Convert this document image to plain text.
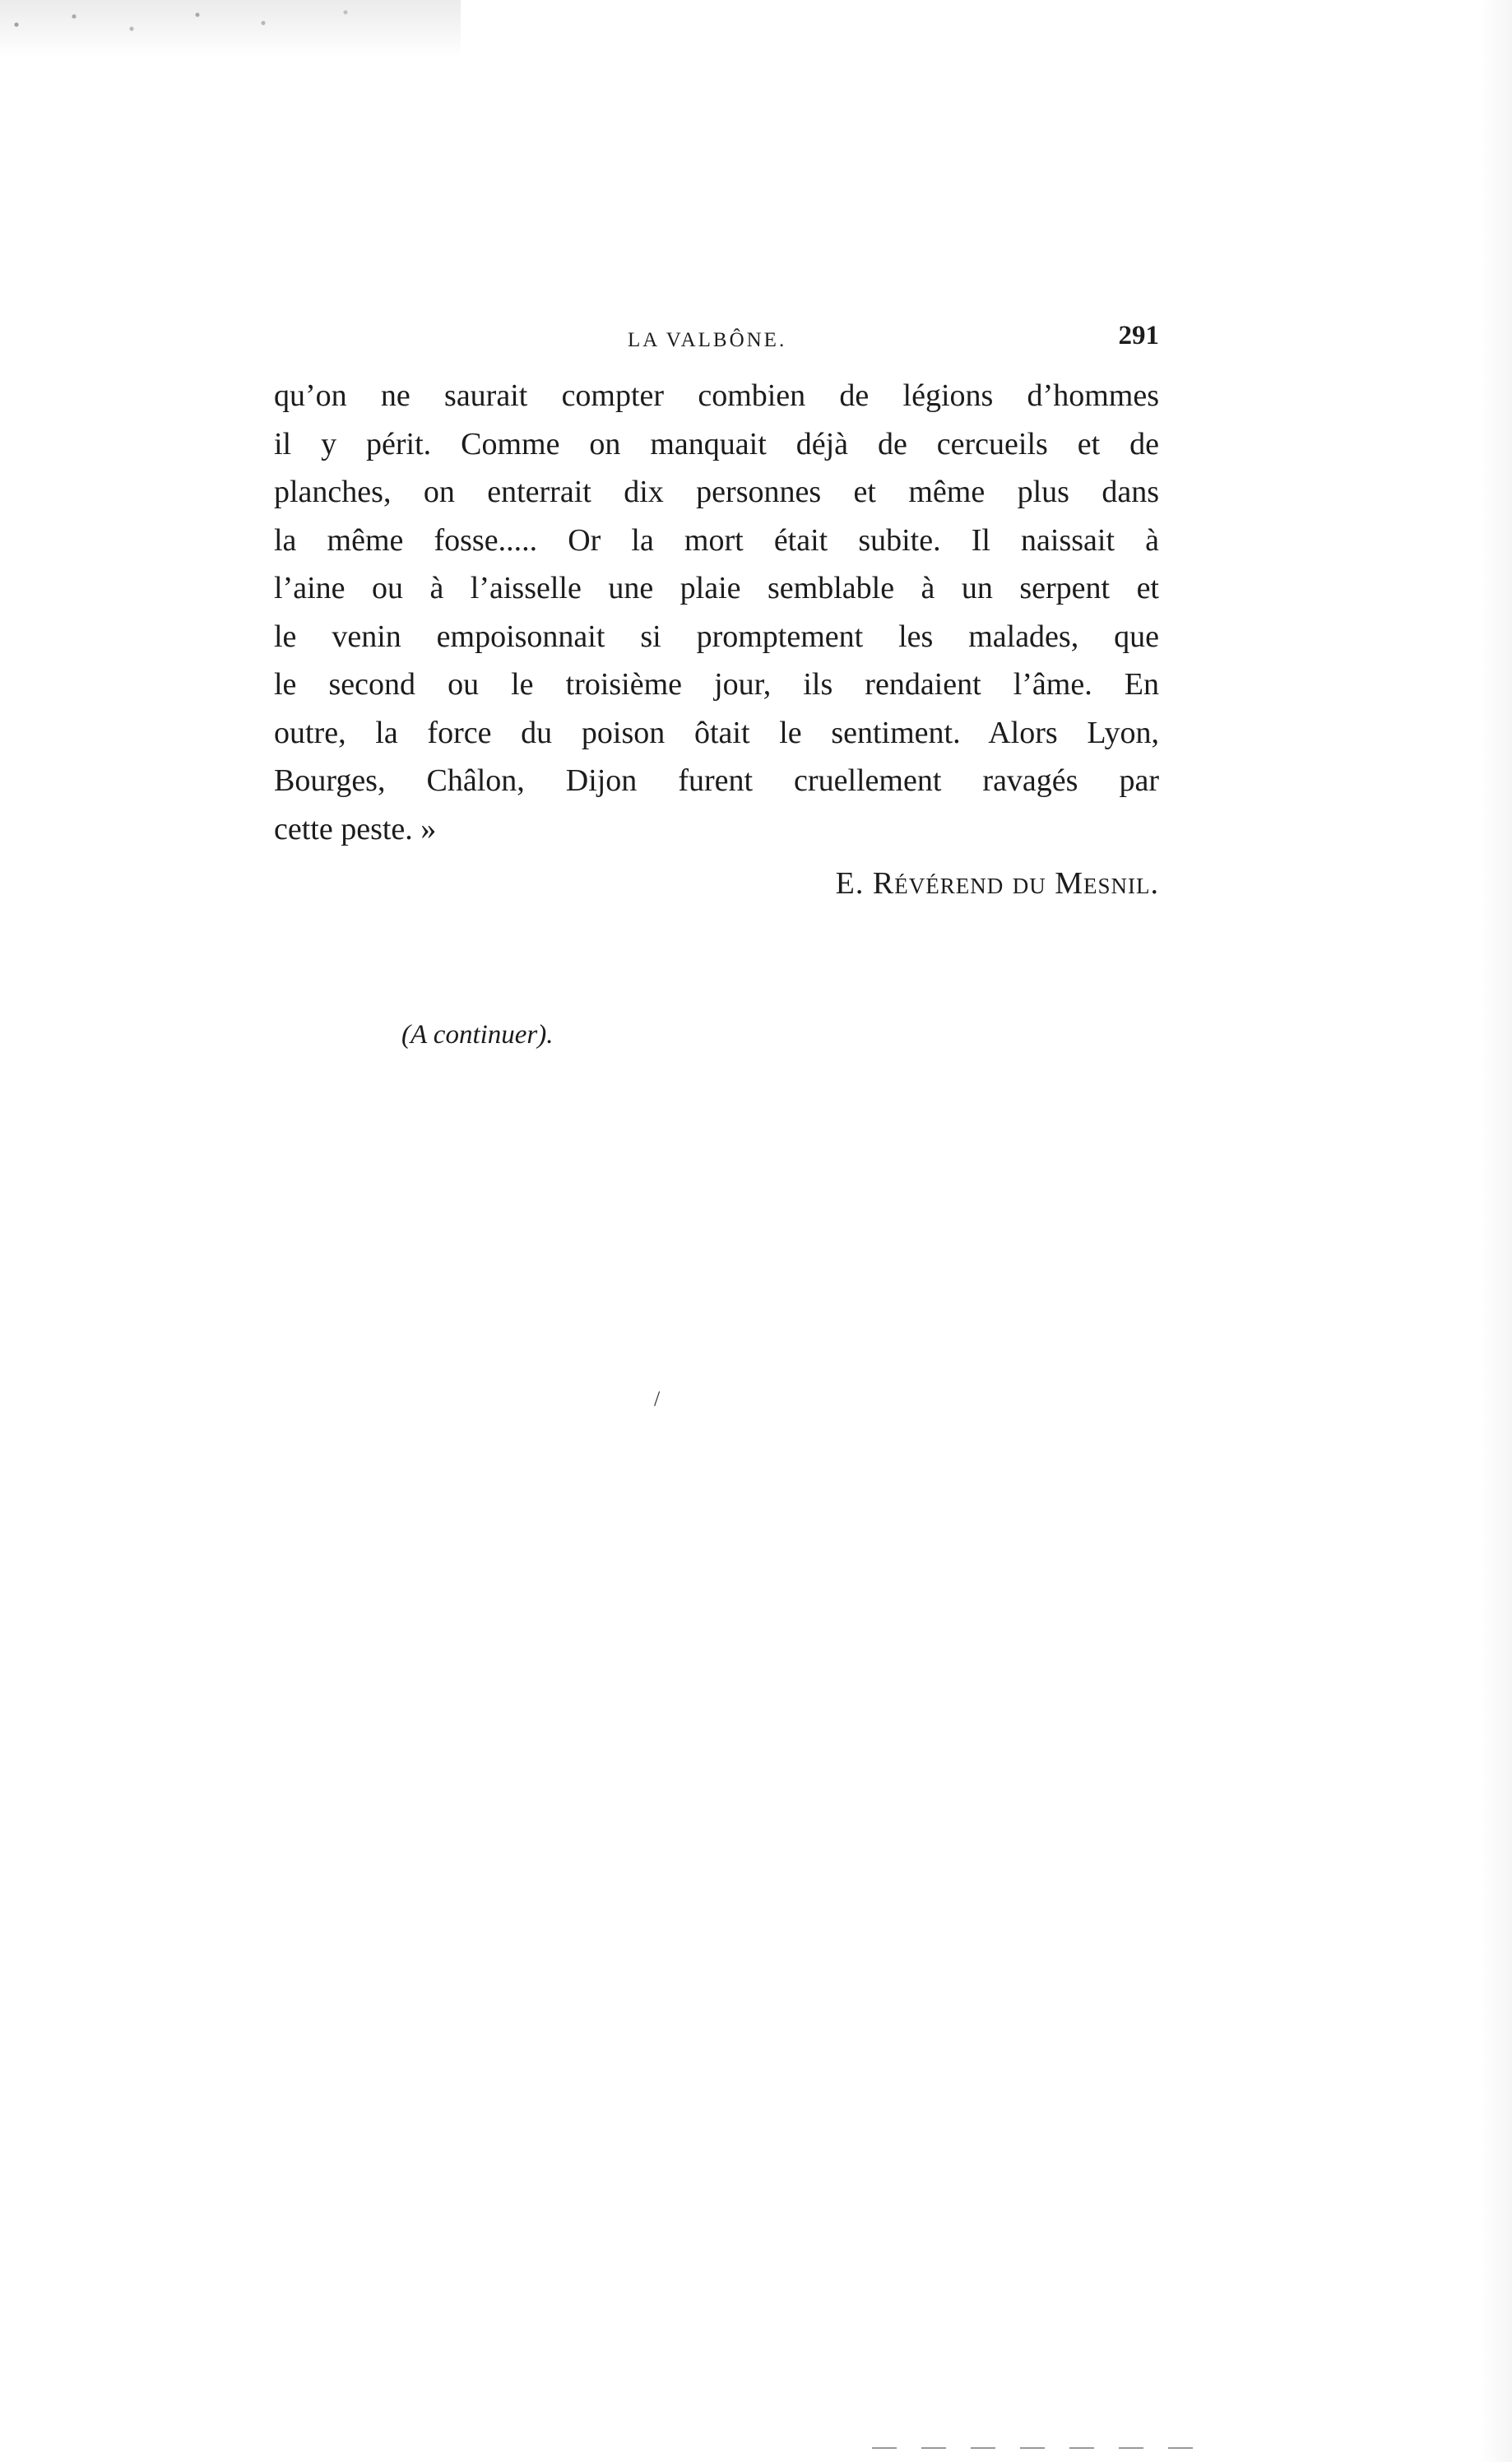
LA VALBÔNE.	291
qu’on ne saurait compter combien de légions d’hommes
il y périt. Comme on manquait déjà de cercueils et de
planches, on enterrait dix personnes et même plus dans
la même fosse..... Or la mort était subite. Il naissait à
l’aine ou à l’aisselle une plaie semblable à un serpent et
le venin empoisonnait si promptement les malades, que
le second ou le troisième jour, ils rendaient l’âme. En
outre, la force du poison ôtait le sentiment. Alors Lyon,
Bourges, Châlon, Dijon furent cruellement ravagés par
cette peste. »
E. Révérend du Mesnil.
(A continuer).
/
